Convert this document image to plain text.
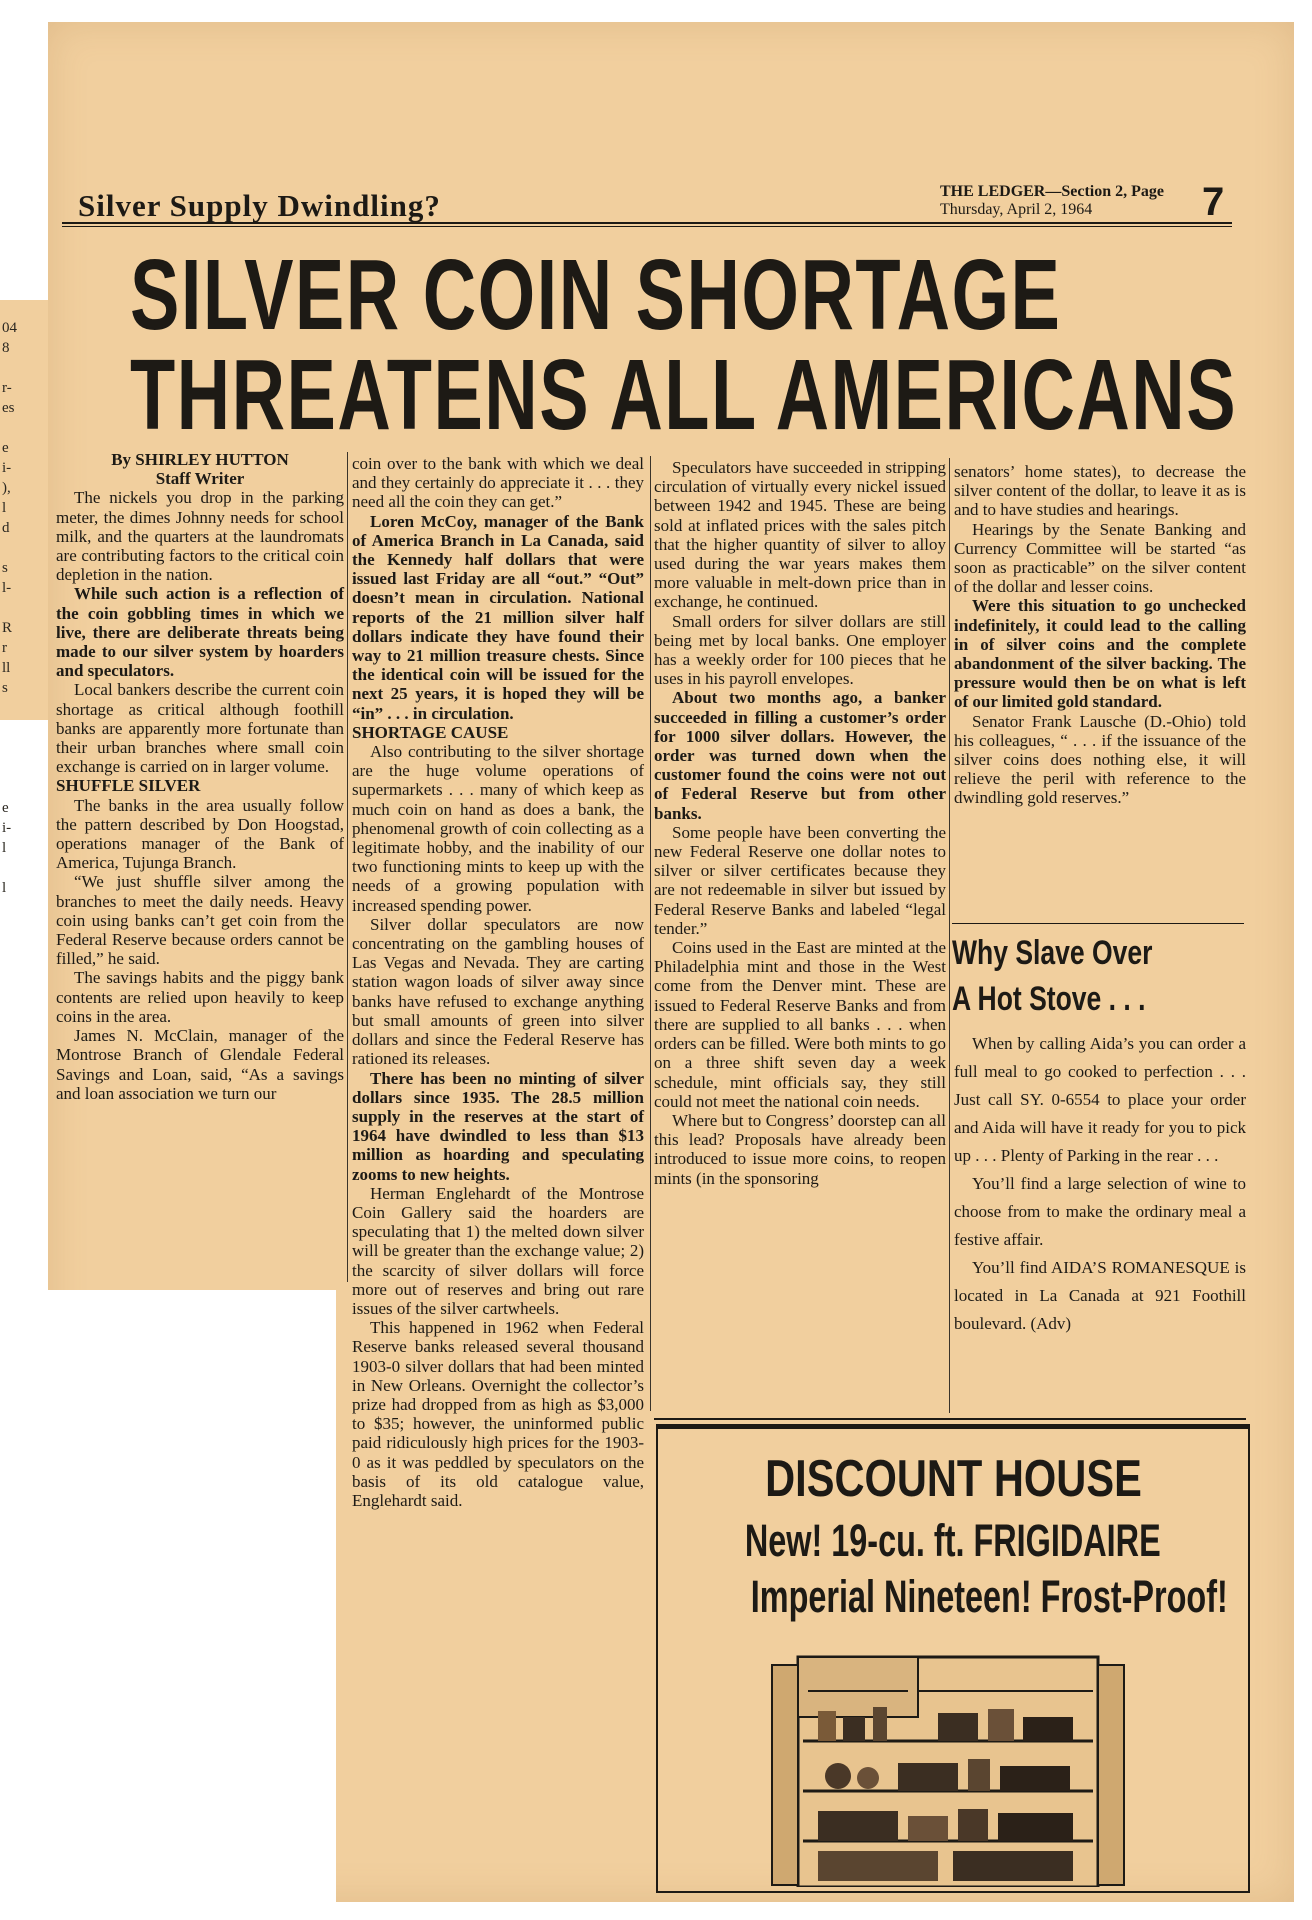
04
8
r-
es
e
i-
),
l
d
s
l-
R
r
ll
s
e
i-
l
l
Silver Supply Dwindling?	THE LEDGER—Section 2, Page
Thursday, April 2, 1964	7
SILVER COIN SHORTAGE
THREATENS ALL AMERICANS

By SHIRLEY HUTTON

Staff Writer

The nickels you drop in the parking meter, the dimes Johnny needs for school milk, and the quarters at the laundromats are contributing factors to the critical coin depletion in the nation.

While such action is a reflection of the coin gobbling times in which we live, there are deliberate threats being made to our silver system by hoarders and speculators.

Local bankers describe the current coin shortage as critical although foothill banks are apparently more fortunate than their urban branches where small coin exchange is carried on in larger volume.

SHUFFLE SILVER

The banks in the area usually follow the pattern described by Don Hoogstad, operations manager of the Bank of America, Tujunga Branch.

“We just shuffle silver among the branches to meet the daily needs. Heavy coin using banks can’t get coin from the Federal Reserve because orders cannot be filled,” he said.

The savings habits and the piggy bank contents are relied upon heavily to keep coins in the area.

James N. McClain, manager of the Montrose Branch of Glendale Federal Savings and Loan, said, “As a savings and loan association we turn our

coin over to the bank with which we deal and they certainly do appreciate it . . . they need all the coin they can get.”

Loren McCoy, manager of the Bank of America Branch in La Canada, said the Kennedy half dollars that were issued last Friday are all “out.” “Out” doesn’t mean in circulation. National reports of the 21 million silver half dollars indicate they have found their way to 21 million treasure chests. Since the identical coin will be issued for the next 25 years, it is hoped they will be “in” . . . in circulation.

SHORTAGE CAUSE

Also contributing to the silver shortage are the huge volume operations of supermarkets . . . many of which keep as much coin on hand as does a bank, the phenomenal growth of coin collecting as a legitimate hobby, and the inability of our two functioning mints to keep up with the needs of a growing population with increased spending power.

Silver dollar speculators are now concentrating on the gambling houses of Las Vegas and Nevada. They are carting station wagon loads of silver away since banks have refused to exchange anything but small amounts of green into silver dollars and since the Federal Reserve has rationed its releases.

There has been no minting of silver dollars since 1935. The 28.5 million supply in the reserves at the start of 1964 have dwindled to less than $13 million as hoarding and speculating zooms to new heights.

Herman Englehardt of the Montrose Coin Gallery said the hoarders are speculating that 1) the melted down silver will be greater than the exchange value; 2) the scarcity of silver dollars will force more out of reserves and bring out rare issues of the silver cartwheels.

This happened in 1962 when Federal Reserve banks released several thousand 1903-0 silver dollars that had been minted in New Orleans. Overnight the collector’s prize had dropped from as high as $3,000 to $35; however, the uninformed public paid ridiculously high prices for the 1903-0 as it was peddled by speculators on the basis of its old catalogue value, Englehardt said.

Speculators have succeeded in stripping circulation of virtually every nickel issued between 1942 and 1945. These are being sold at inflated prices with the sales pitch that the higher quantity of silver to alloy used during the war years makes them more valuable in melt-down price than in exchange, he continued.

Small orders for silver dollars are still being met by local banks. One employer has a weekly order for 100 pieces that he uses in his payroll envelopes.

About two months ago, a banker succeeded in filling a customer’s order for 1000 silver dollars. However, the order was turned down when the customer found the coins were not out of Federal Reserve but from other banks.

Some people have been converting the new Federal Reserve one dollar notes to silver or silver certificates because they are not redeemable in silver but issued by Federal Reserve Banks and labeled “legal tender.”

Coins used in the East are minted at the Philadelphia mint and those in the West come from the Denver mint. These are issued to Federal Reserve Banks and from there are supplied to all banks . . . when orders can be filled. Were both mints to go on a three shift seven day a week schedule, mint officials say, they still could not meet the national coin needs.

Where but to Congress’ doorstep can all this lead? Proposals have already been introduced to issue more coins, to reopen mints (in the sponsoring

senators’ home states), to decrease the silver content of the dollar, to leave it as is and to have studies and hearings.

Hearings by the Senate Banking and Currency Committee will be started “as soon as practicable” on the silver content of the dollar and lesser coins.

Were this situation to go unchecked indefinitely, it could lead to the calling in of silver coins and the complete abandonment of the silver backing. The pressure would then be on what is left of our limited gold standard.

Senator Frank Lausche (D.-Ohio) told his colleagues, “ . . . if the issuance of the silver coins does nothing else, it will relieve the peril with reference to the dwindling gold reserves.”

Why Slave Over
A Hot Stove . . .

When by calling Aida’s you can order a full meal to go cooked to perfection . . . Just call SY. 0-6554 to place your order and Aida will have it ready for you to pick up . . . Plenty of Parking in the rear . . .

You’ll find a large selection of wine to choose from to make the ordinary meal a festive affair.

You’ll find AIDA’S ROMANESQUE is located in La Canada at 921 Foothill boulevard. (Adv)

DISCOUNT HOUSE
New! 19-cu. ft. FRIGIDAIRE
Imperial Nineteen! Frost-Proof!
